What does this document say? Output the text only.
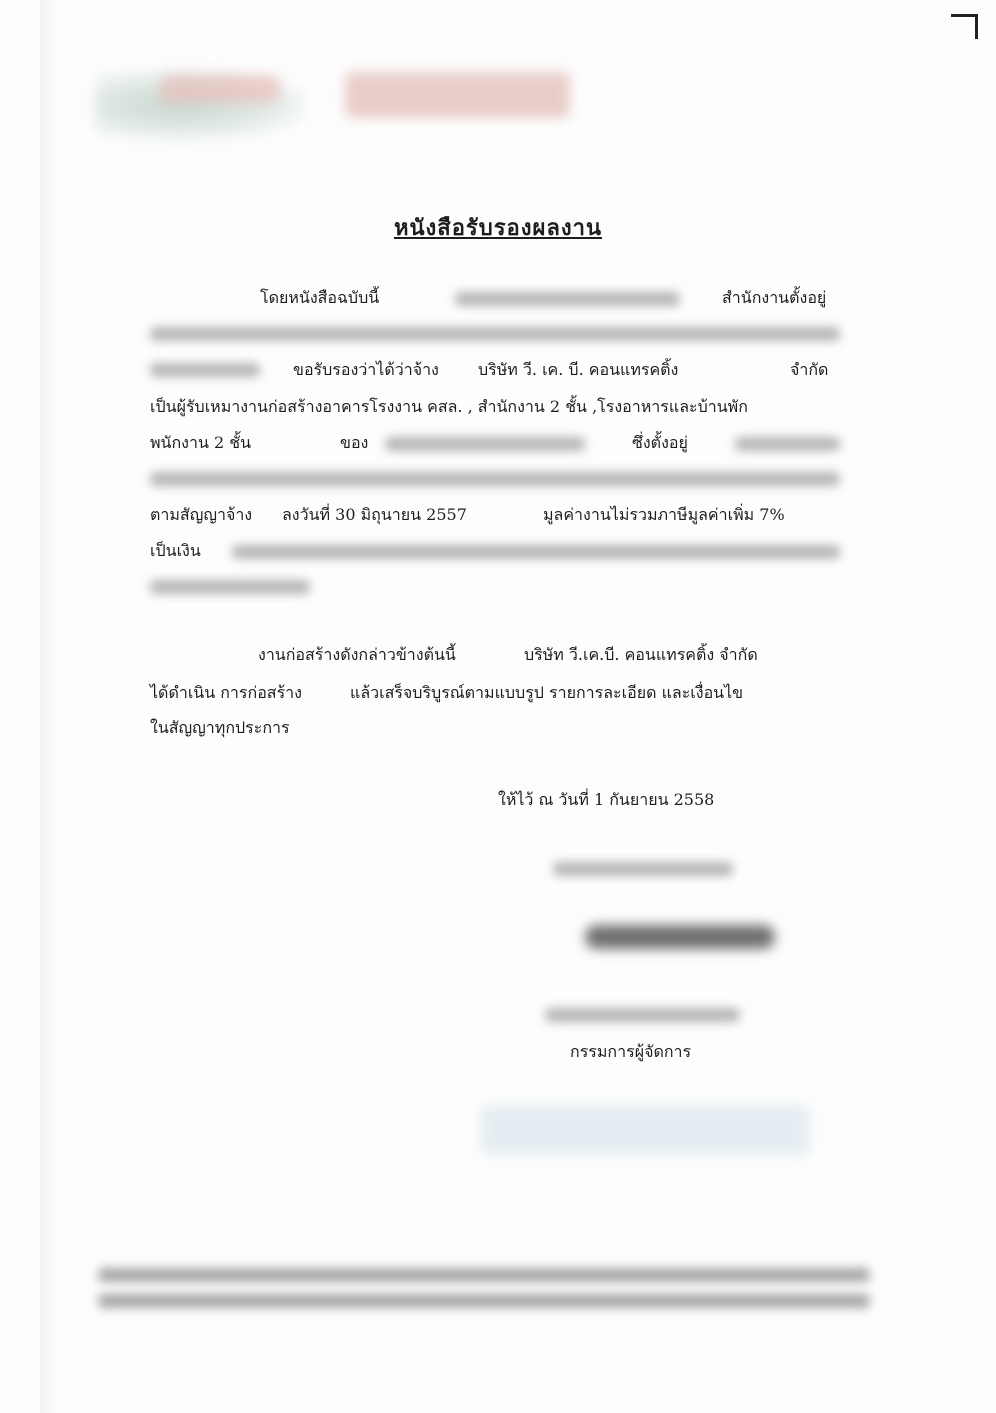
หนังสือรับรองผลงาน
โดยหนังสือฉบับนี้	สำนักงานตั้งอยู่
ขอรับรองว่าได้ว่าจ้าง บริษัท วี. เค. บี. คอนแทรคติ้ง	จำกัด
เป็นผู้รับเหมางานก่อสร้างอาคารโรงงาน คสล. , สำนักงาน 2 ชั้น ,โรงอาหารและบ้านพัก
พนักงาน 2 ชั้น	ของ	ซึ่งตั้งอยู่
ตามสัญญาจ้าง ลงวันที่ 30 มิถุนายน 2557	มูลค่างานไม่รวมภาษีมูลค่าเพิ่ม 7%
เป็นเงิน
งานก่อสร้างดังกล่าวข้างต้นนี้	บริษัท วี.เค.บี. คอนแทรคติ้ง จำกัด
ได้ดำเนิน การก่อสร้าง	แล้วเสร็จบริบูรณ์ตามแบบรูป รายการละเอียด และเงื่อนไข
ในสัญญาทุกประการ
ให้ไว้ ณ วันที่ 1 กันยายน 2558
กรรมการผู้จัดการ
